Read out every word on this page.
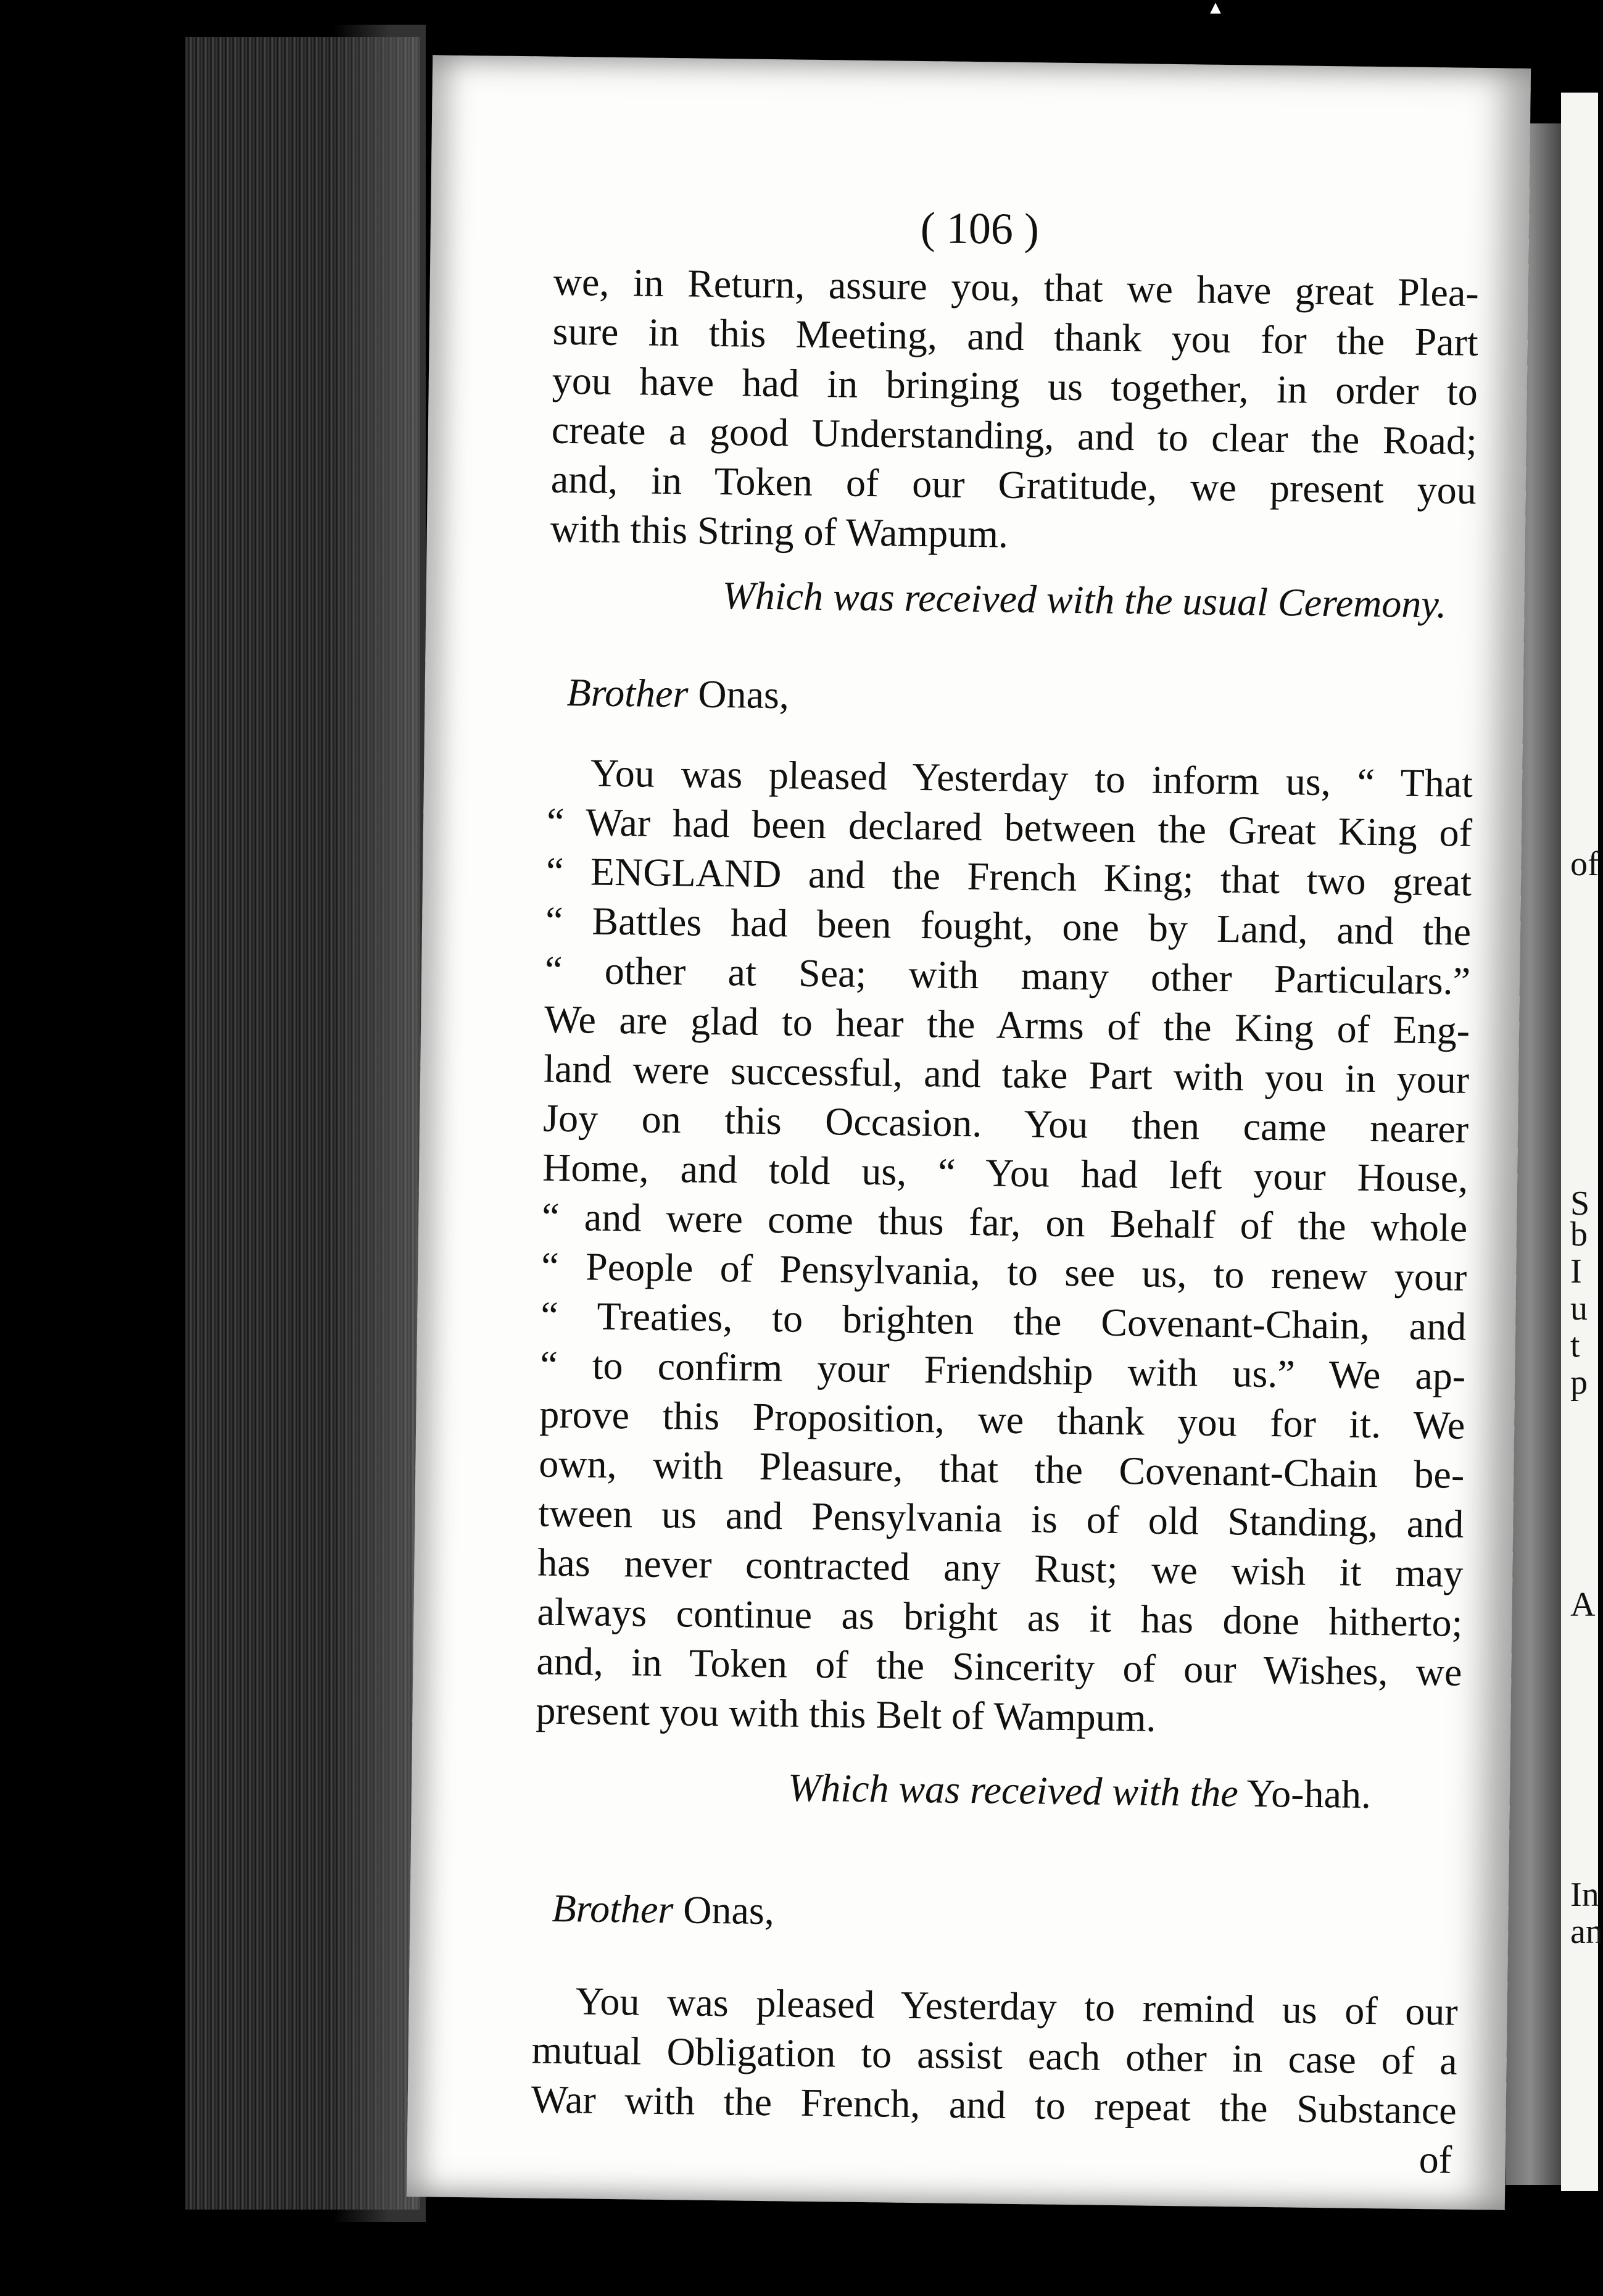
▲
of
S
b
I
u
t
p
A
In
an
( 106 )
we, in Return, assure you, that we have great Plea-
sure in this Meeting, and thank you for the Part
you have had in bringing us together, in order to
create a good Understanding, and to clear the Road;
and, in Token of our Gratitude, we present you
with this String of Wampum.
Which was received with the usual Ceremony.
Brother Onas,
You was pleased Yesterday to inform us, “ That
“ War had been declared between the Great King of
“ ENGLAND and the French King; that two great
“ Battles had been fought, one by Land, and the
“ other at Sea; with many other Particulars.”
We are glad to hear the Arms of the King of Eng-
land were successful, and take Part with you in your
Joy on this Occasion. You then came nearer
Home, and told us, “ You had left your House,
“ and were come thus far, on Behalf of the whole
“ People of Pensylvania, to see us, to renew your
“ Treaties, to brighten the Covenant-Chain, and
“ to confirm your Friendship with us.” We ap-
prove this Proposition, we thank you for it. We
own, with Pleasure, that the Covenant-Chain be-
tween us and Pensylvania is of old Standing, and
has never contracted any Rust; we wish it may
always continue as bright as it has done hitherto;
and, in Token of the Sincerity of our Wishes, we
present you with this Belt of Wampum.
Which was received with the Yo-hah.
Brother Onas,
You was pleased Yesterday to remind us of our
mutual Obligation to assist each other in case of a
War with the French, and to repeat the Substance
of
